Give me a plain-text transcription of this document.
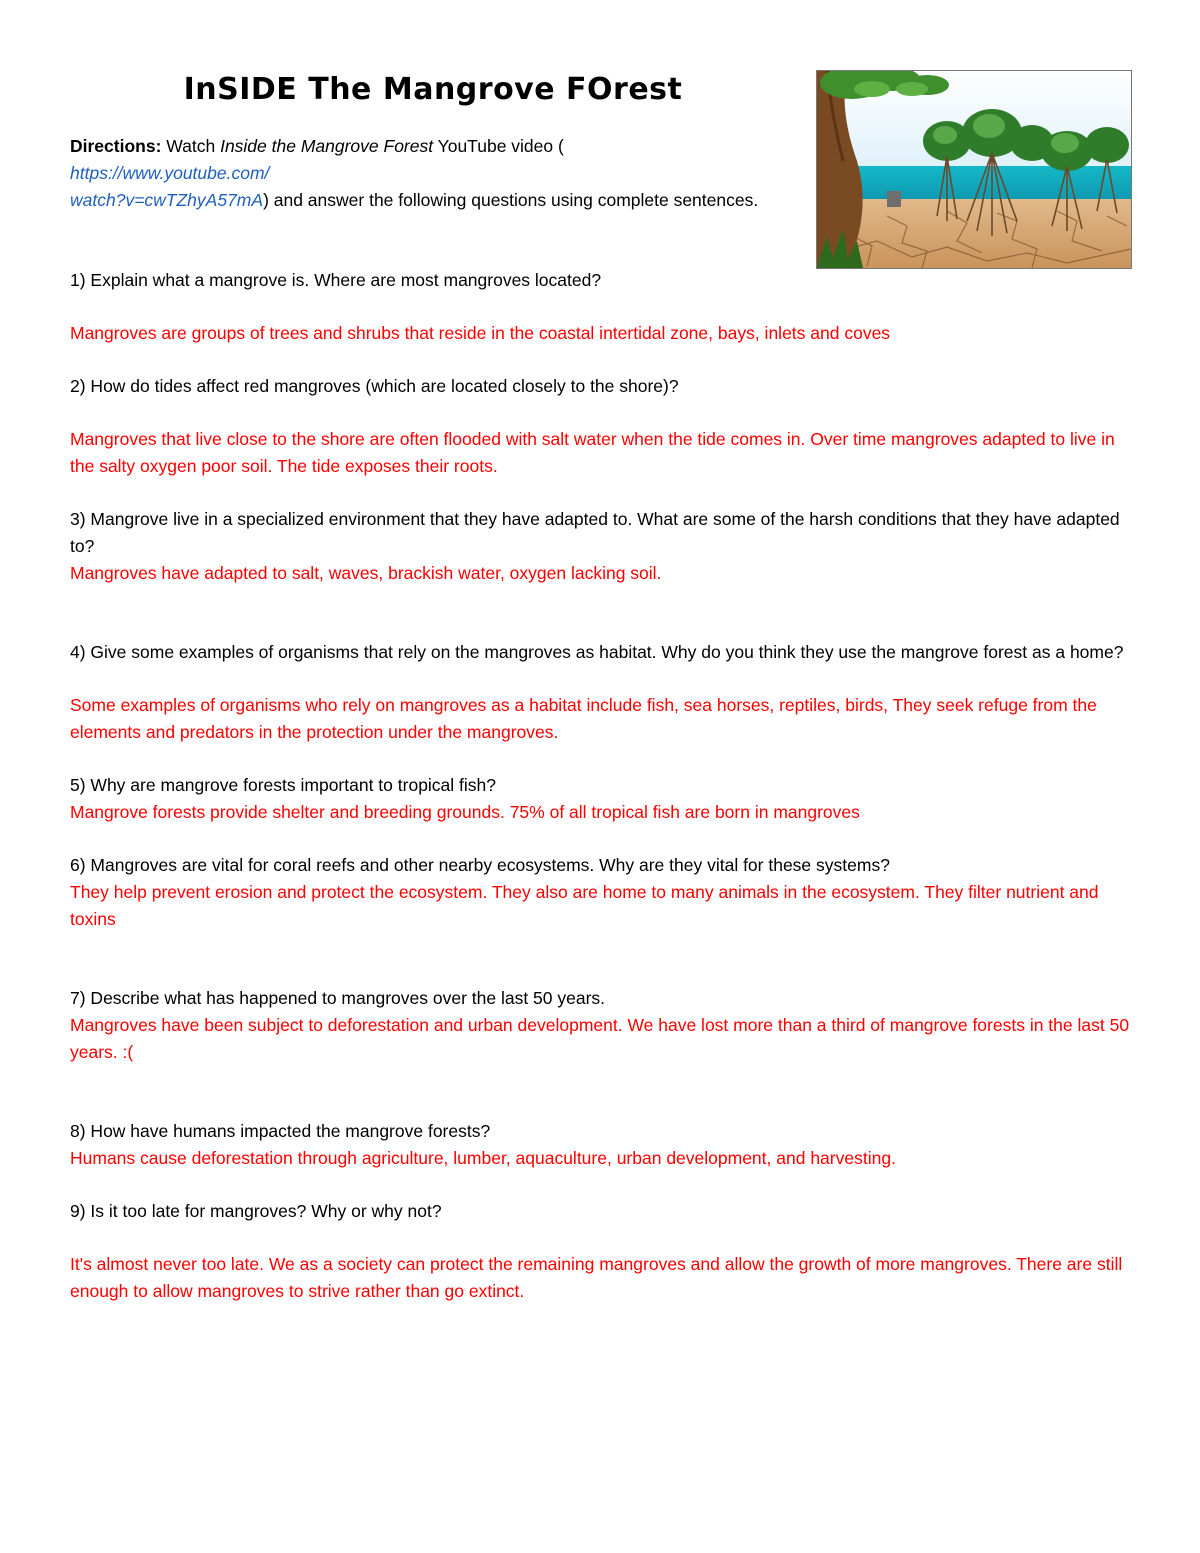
InSIDE The Mangrove FOrest
Directions: Watch Inside the Mangrove Forest YouTube video (
https://www.youtube.com/
watch?v=cwTZhyA57mA) and answer the following questions using complete sentences.
1) Explain what a mangrove is. Where are most mangroves located?
Mangroves are groups of trees and shrubs that reside in the coastal intertidal zone, bays, inlets and coves
2) How do tides affect red mangroves (which are located closely to the shore)?
Mangroves that live close to the shore are often flooded with salt water when the tide comes in. Over time mangroves adapted to live in the salty oxygen poor soil. The tide exposes their roots.
3) Mangrove live in a specialized environment that they have adapted to. What are some of the harsh conditions that they have adapted to?
Mangroves have adapted to salt, waves, brackish water, oxygen lacking soil.
4) Give some examples of organisms that rely on the mangroves as habitat. Why do you think they use the mangrove forest as a home?
Some examples of organisms who rely on mangroves as a habitat include fish, sea horses, reptiles, birds, They seek refuge from the elements and predators in the protection under the mangroves.
5) Why are mangrove forests important to tropical fish?
Mangrove forests provide shelter and breeding grounds. 75% of all tropical fish are born in mangroves
6) Mangroves are vital for coral reefs and other nearby ecosystems. Why are they vital for these systems?
They help prevent erosion and protect the ecosystem. They also are home to many animals in the ecosystem. They filter nutrient and toxins
7) Describe what has happened to mangroves over the last 50 years.
Mangroves have been subject to deforestation and urban development. We have lost more than a third of mangrove forests in the last 50 years. :(
8) How have humans impacted the mangrove forests?
Humans cause deforestation through agriculture, lumber, aquaculture, urban development, and harvesting.
9) Is it too late for mangroves? Why or why not?
It's almost never too late. We as a society can protect the remaining mangroves and allow the growth of more mangroves. There are still enough to allow mangroves to strive rather than go extinct.
